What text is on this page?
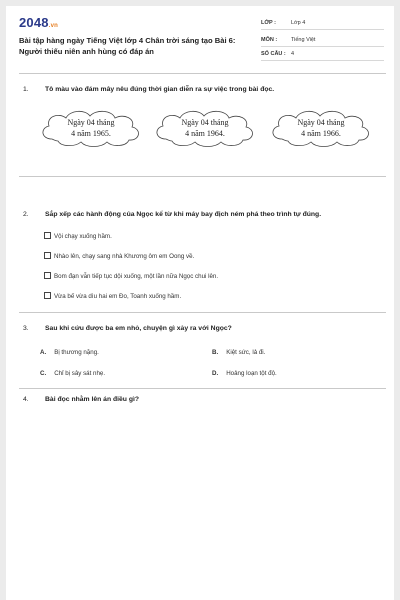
2048.vn
Bài tập hàng ngày Tiếng Việt lớp 4 Chân trời sáng tạo Bài 6: Người thiếu niên anh hùng có đáp án
LỚP :	Lớp 4
MÔN :	Tiếng Việt
SỐ CÂU : 4
1. Tô màu vào đám mây nêu đúng thời gian diễn ra sự việc trong bài đọc.
Ngày 04 tháng
4 năm 1965.
Ngày 04 tháng
4 năm 1964.
Ngày 04 tháng
4 năm 1966.
2. Sắp xếp các hành động của Ngọc kể từ khi máy bay địch ném phá theo trình tự đúng.
Vội chạy xuống hầm.
Nhào lên, chạy sang nhà Khương ôm em Oong về.
Bom đạn vẫn tiếp tục dội xuống, một lần nữa Ngọc chui lên.
Vừa bế vừa dìu hai em Đo, Toanh xuống hầm.
3. Sau khi cứu được ba em nhỏ, chuyện gì xảy ra với Ngọc?
A. Bị thương nặng.	B. Kiệt sức, lả đi.
C. Chỉ bị sây sát nhẹ.	D. Hoảng loạn tột độ.
4. Bài đọc nhằm lên án điều gì?
